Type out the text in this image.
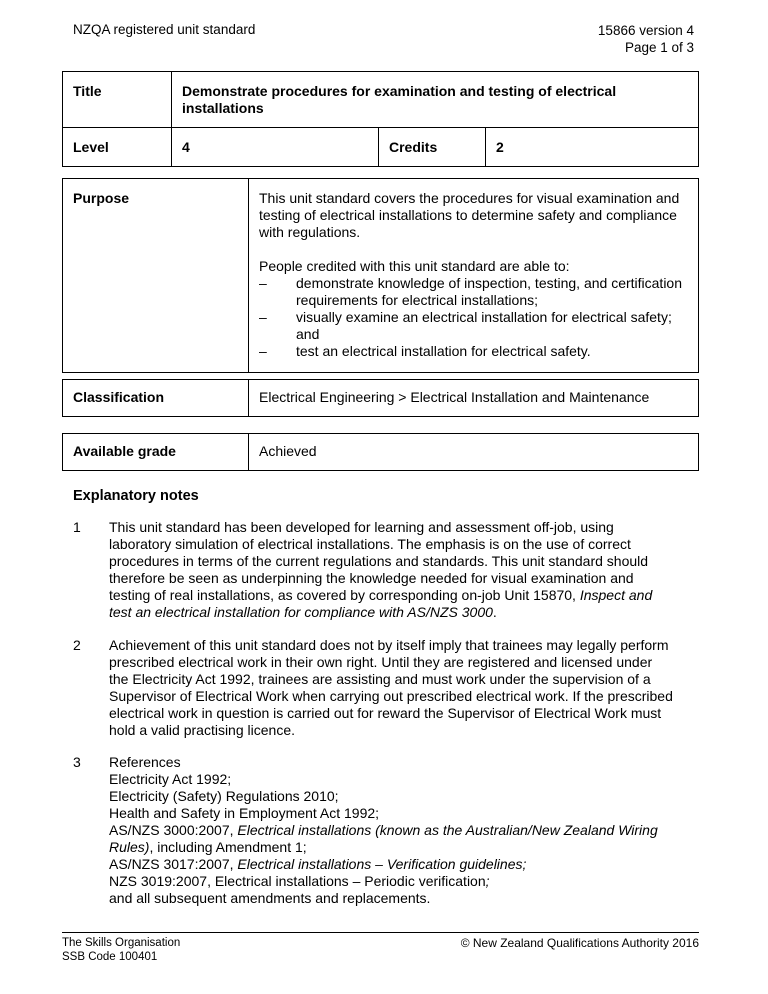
NZQA registered unit standard	15866 version 4
Page 1 of 3
Title	Demonstrate procedures for examination and testing of electrical installations		
Level	4	Credits	2
Purpose	This unit standard covers the procedures for visual examination and testing of electrical installations to determine safety and compliance with regulations.

People credited with this unit standard are able to:

–	demonstrate knowledge of inspection, testing, and certification requirements for electrical installations;
–	visually examine an electrical installation for electrical safety; and
–	test an electrical installation for electrical safety.
Classification	Electrical Engineering > Electrical Installation and Maintenance
Available grade	Achieved
Explanatory notes
1	This unit standard has been developed for learning and assessment off-job, using laboratory simulation of electrical installations. The emphasis is on the use of correct procedures in terms of the current regulations and standards. This unit standard should therefore be seen as underpinning the knowledge needed for visual examination and testing of real installations, as covered by corresponding on-job Unit 15870, Inspect and test an electrical installation for compliance with AS/NZS 3000.
2	Achievement of this unit standard does not by itself imply that trainees may legally perform prescribed electrical work in their own right. Until they are registered and licensed under the Electricity Act 1992, trainees are assisting and must work under the supervision of a Supervisor of Electrical Work when carrying out prescribed electrical work. If the prescribed electrical work in question is carried out for reward the Supervisor of Electrical Work must hold a valid practising licence.
3	References
Electricity Act 1992;
Electricity (Safety) Regulations 2010;
Health and Safety in Employment Act 1992;
AS/NZS 3000:2007, Electrical installations (known as the Australian/New Zealand Wiring Rules), including Amendment 1;
AS/NZS 3017:2007, Electrical installations – Verification guidelines;
NZS 3019:2007, Electrical installations – Periodic verification;
and all subsequent amendments and replacements.
The Skills Organisation
SSB Code 100401
© New Zealand Qualifications Authority 2016
